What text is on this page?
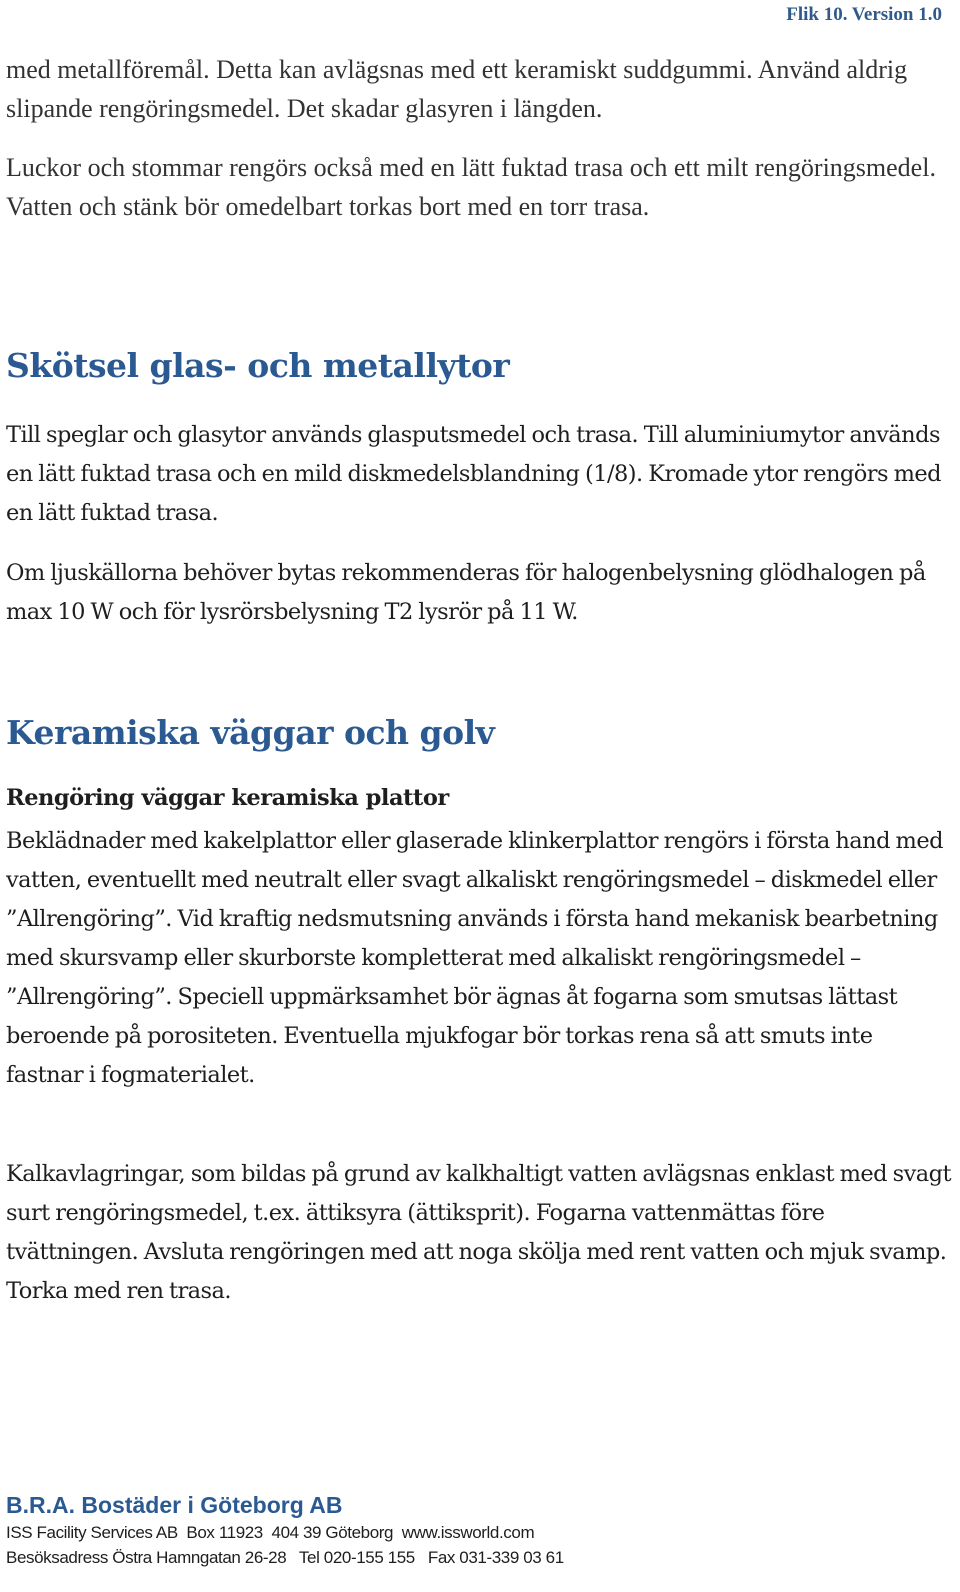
Flik 10. Version 1.0

med metallföremål. Detta kan avlägsnas med ett keramiskt suddgummi. Använd aldrig slipande rengöringsmedel. Det skadar glasyren i längden.

Luckor och stommar rengörs också med en lätt fuktad trasa och ett milt rengöringsmedel. Vatten och stänk bör omedelbart torkas bort med en torr trasa.

Skötsel glas- och metallytor

Till speglar och glasytor används glasputsmedel och trasa. Till aluminiumytor används en lätt fuktad trasa och en mild diskmedelsblandning (1/8). Kromade ytor rengörs med en lätt fuktad trasa.

Om ljuskällorna behöver bytas rekommenderas för halogenbelysning glödhalogen på max 10 W och för lysrörsbelysning T2 lysrör på 11 W.

Keramiska väggar och golv
Rengöring väggar keramiska plattor

Beklädnader med kakelplattor eller glaserade klinkerplattor rengörs i första hand med vatten, eventuellt med neutralt eller svagt alkaliskt rengöringsmedel – diskmedel eller ”Allrengöring”. Vid kraftig nedsmutsning används i första hand mekanisk bearbetning med skursvamp eller skurborste kompletterat med alkaliskt rengöringsmedel – ”Allrengöring”. Speciell uppmärksamhet bör ägnas åt fogarna som smutsas lättast beroende på porositeten. Eventuella mjukfogar bör torkas rena så att smuts inte fastnar i fogmaterialet.

Kalkavlagringar, som bildas på grund av kalkhaltigt vatten avlägsnas enklast med svagt surt rengöringsmedel, t.ex. ättiksyra (ättiksprit). Fogarna vattenmättas före tvättningen. Avsluta rengöringen med att noga skölja med rent vatten och mjuk svamp. Torka med ren trasa.

B.R.A. Bostäder i Göteborg AB
ISS Facility Services AB  Box 11923  404 39 Göteborg  www.issworld.com
Besöksadress Östra Hamngatan 26-28   Tel 020-155 155   Fax 031-339 03 61
